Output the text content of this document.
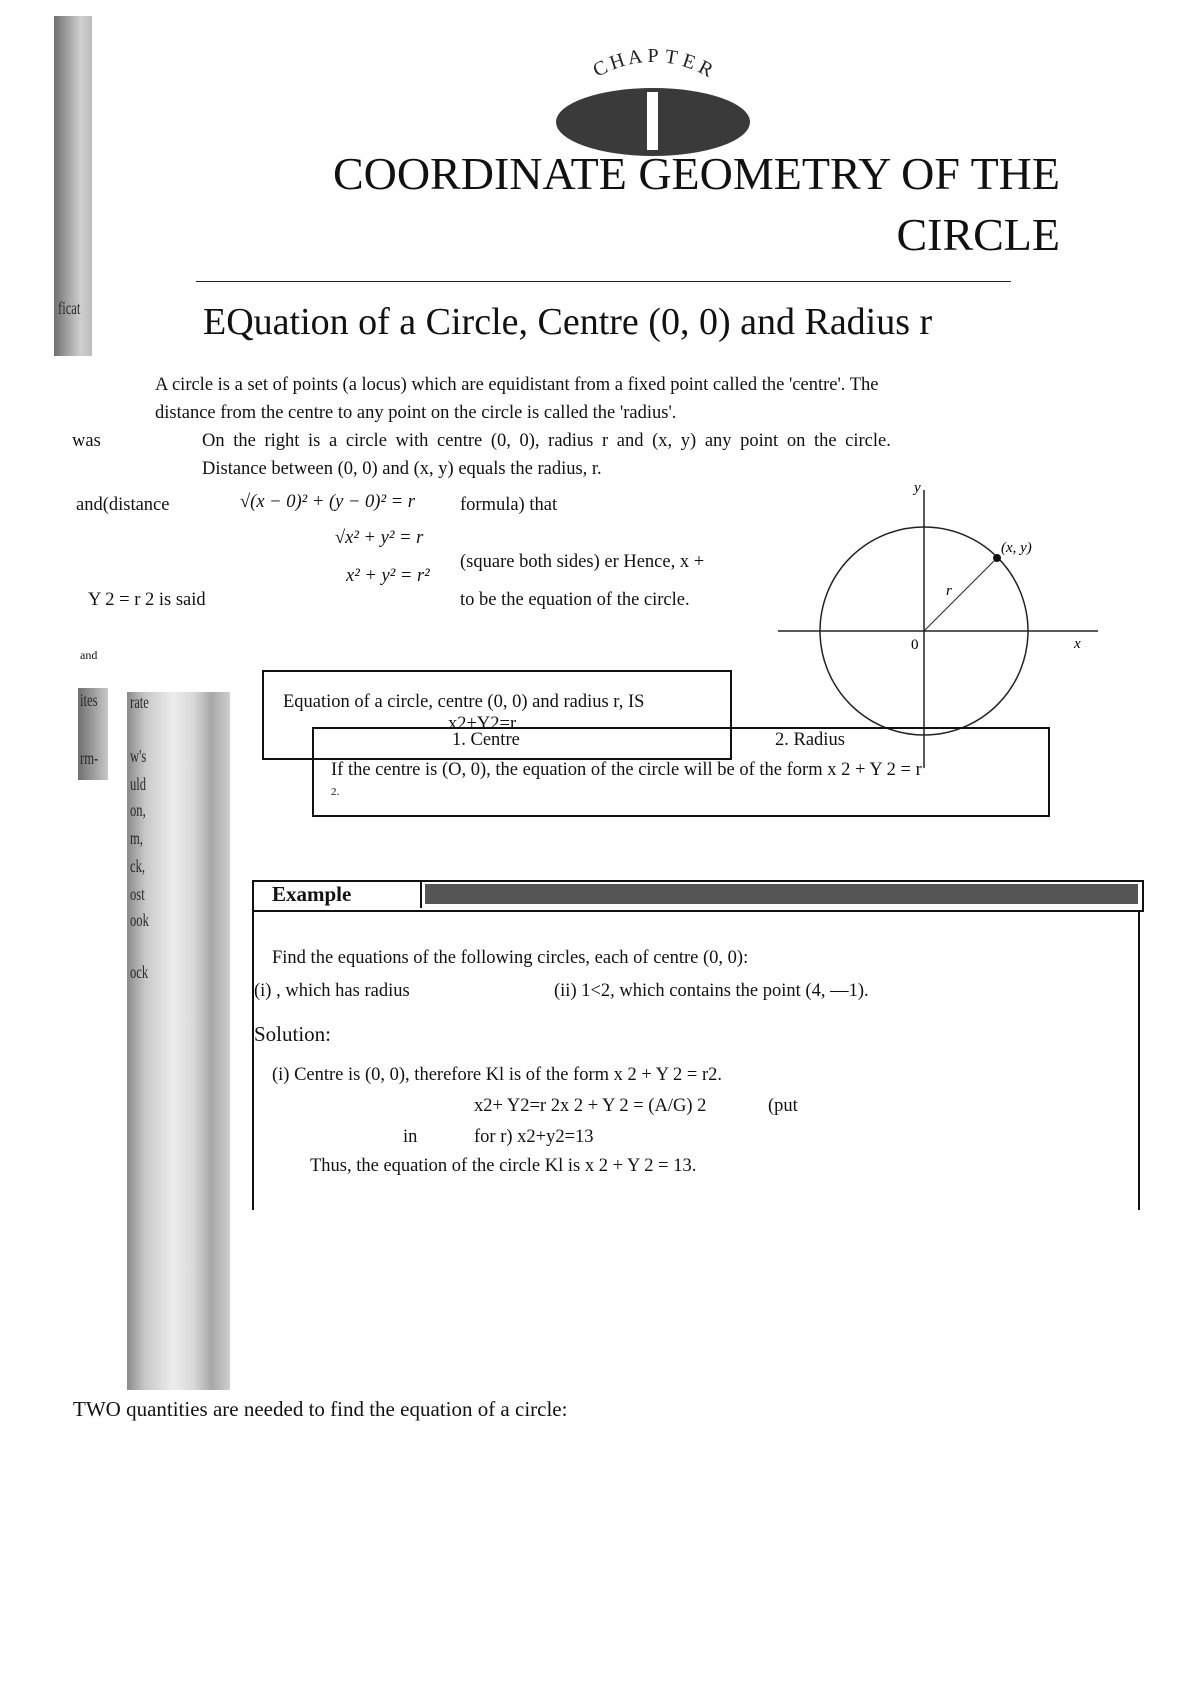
ficat
ites
rm-
rate
w's
uld
on,
m,
ck,
ost
ook
ock
C
H
A P T E
R
COORDINATE GEOMETRY OF THE
CIRCLE
EQuation of a Circle, Centre (0, 0) and Radius r
A circle is a set of points (a locus) which are equidistant from a fixed point called the 'centre'. The
distance from the centre to any point on the circle is called the 'radius'.
was	On the right is a circle with centre (0, 0), radius r and (x, y) any point on the circle.
Distance between (0, 0) and (x, y) equals the radius, r.
and(distance	√(x − 0)² + (y − 0)² = r formula) that
√x² + y² = r
(square both sides) er Hence, x +
x² + y² = r²
Y 2 = r 2 is said	to be the equation of the circle.
and
y
x
0
(x, y)
r
Equation of a circle, centre (0, 0) and radius r, IS
x2+Y2=r
1. Centre	2. Radius
If the centre is (O, 0), the equation of the circle will be of the form x 2 + Y 2 = r
2.
Example
Find the equations of the following circles, each of centre (0, 0):
(i) , which has radius	(ii) 1<2, which contains the point (4, —1).
Solution:
(i) Centre is (0, 0), therefore Kl is of the form x 2 + Y 2 = r2.
x2+ Y2=r 2x 2 + Y 2 = (A/G) 2	(put
in	for r) x2+y2=13
Thus, the equation of the circle Kl is x 2 + Y 2 = 13.
TWO quantities are needed to find the equation of a circle:
